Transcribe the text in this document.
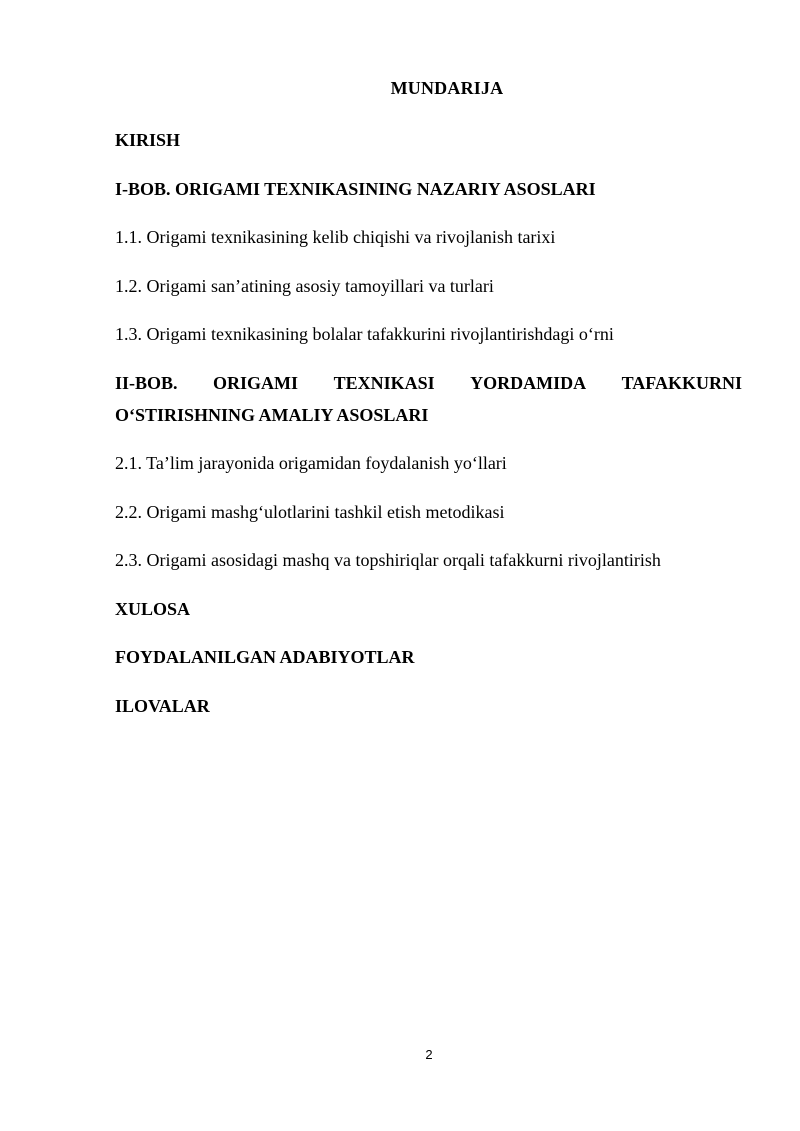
MUNDARIJA
KIRISH
I-BOB. ORIGAMI TEXNIKASINING NAZARIY ASOSLARI
1.1. Origami texnikasining kelib chiqishi va rivojlanish tarixi
1.2. Origami san’atining asosiy tamoyillari va turlari
1.3. Origami texnikasining bolalar tafakkurini rivojlantirishdagi o‘rni
II-BOB. ORIGAMI TEXNIKASI YORDAMIDA TAFAKKURNI
O‘STIRISHNING AMALIY ASOSLARI
2.1. Ta’lim jarayonida origamidan foydalanish yo‘llari
2.2. Origami mashg‘ulotlarini tashkil etish metodikasi
2.3. Origami asosidagi mashq va topshiriqlar orqali tafakkurni rivojlantirish
XULOSA
FOYDALANILGAN ADABIYOTLAR
ILOVALAR
2
